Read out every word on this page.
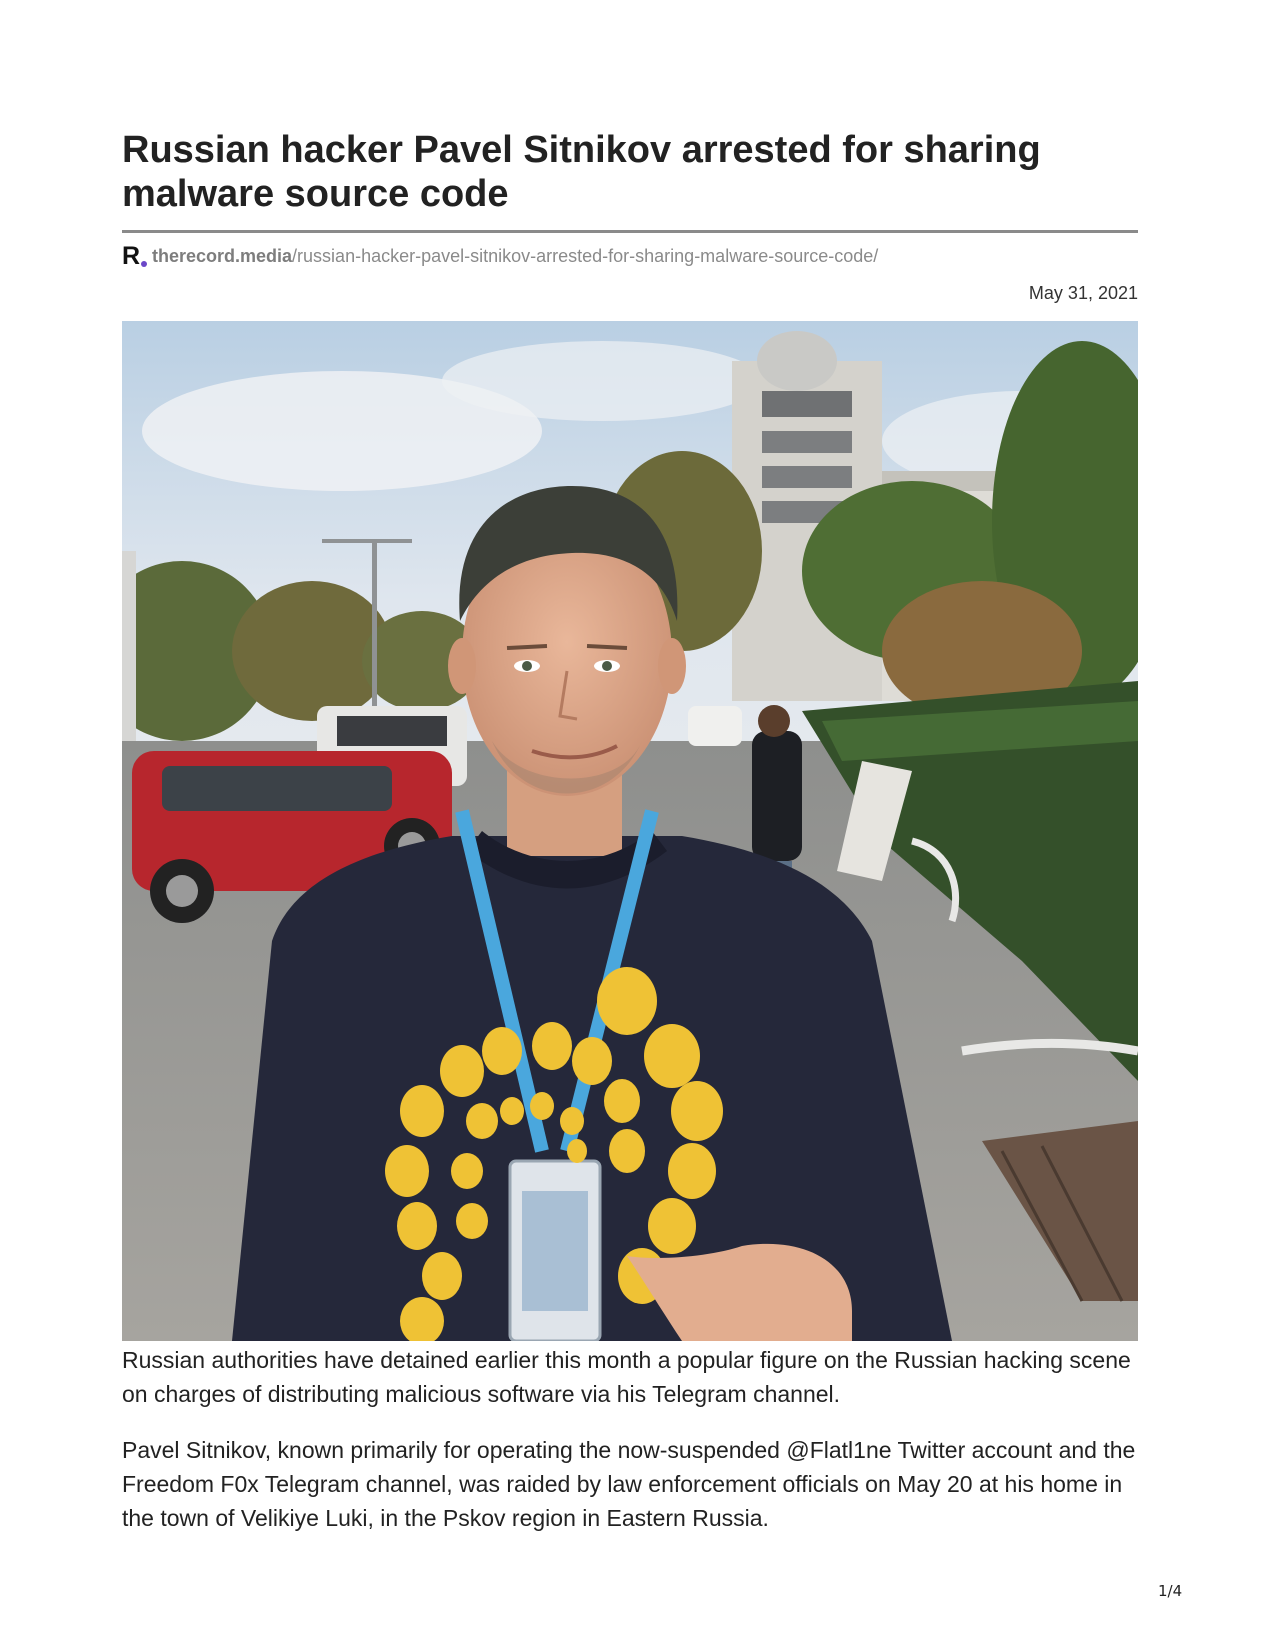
Russian hacker Pavel Sitnikov arrested for sharing malware source code
R therecord.media/russian-hacker-pavel-sitnikov-arrested-for-sharing-malware-source-code/
May 31, 2021

Russian authorities have detained earlier this month a popular figure on the Russian hacking scene on charges of distributing malicious software via his Telegram channel.

Pavel Sitnikov, known primarily for operating the now-suspended @Flatl1ne Twitter account and the Freedom F0x Telegram channel, was raided by law enforcement officials on May 20 at his home in the town of Velikiye Luki, in the Pskov region in Eastern Russia.

1/4
